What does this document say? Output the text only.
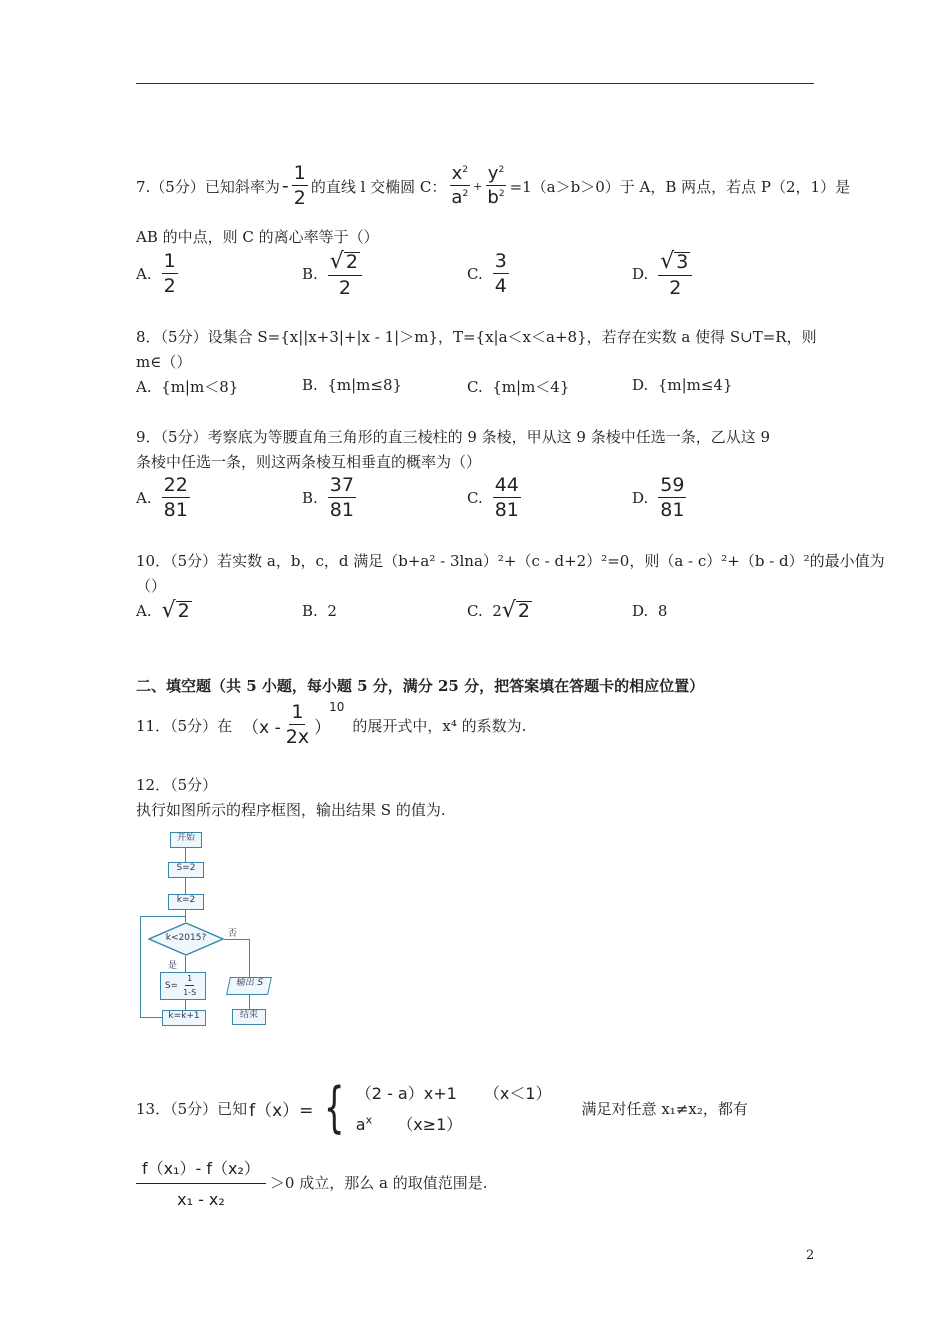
7.（5分）已知斜率为 - $\frac{1}{2}$ 的直线 l 交椭圆 C： $\frac{x^2}{a^2} + \frac{y^2}{b^2} =1(a>b>0)$于 A，B 两点，若点 P（2，1）是
AB 的中点，则 C 的离心率等于（）
A. $\frac{1}{2}$	B. $\frac{√ 2}{2}$	C. $\frac{3}{4}$	D. $\frac{√ 3}{2}$
8．（5分）设集合 S={x||x+3|+|x - 1|＞m}，T={x|a＜x＜a+8}，若存在实数 a 使得 S∪T=R，则
m∈（）
A. {m|m＜8}	B. {m|m≤8}	C. {m|m＜4}	D. {m|m≤4}
9．（5分）考察底为等腰直角三角形的直三棱柱的 9 条棱，甲从这 9 条棱中任选一条，乙从这 9
条棱中任选一条，则这两条棱互相垂直的概率为（）
A. $\frac{22}{81}$	B. $\frac{37}{81}$	C. $\frac{44}{81}$	D. $\frac{59}{81}$
10．（5分）若实数 a，b，c，d 满足（b+a² - 3lna）²+（c - d+2）²=0，则（a - c）²+（b - d）²的最小值为
（）
A. √ 2	B.
2	C.
2 √ 2	D.
8
二、填空题（共 5 小题，每小题 5 分，满分 25 分，把答案填在答题卡的相应位置）
11．（5分）在 （$x - \frac{1}{2x}$ ）
10
的展开式中，x⁴ 的系数为.
12．（5分）
执行如图所示的程序框图，输出结果 S 的值为.
开始
S=2
k=2
k<2015?	否
输出 S
结束
是
$S= \frac{1}{1-S}$
k=k+1
13．（5分）已知 f（x）= { （2 - a）x+1 （x＜1）
$a^x$ （x≥1）
满足对任意 x₁≠x₂，都有
$\frac{\text{f（x₁）- f（x₂）}}{\text{x₁ - x₂}} >0$ 成立，那么 a 的取值范围是.
2
